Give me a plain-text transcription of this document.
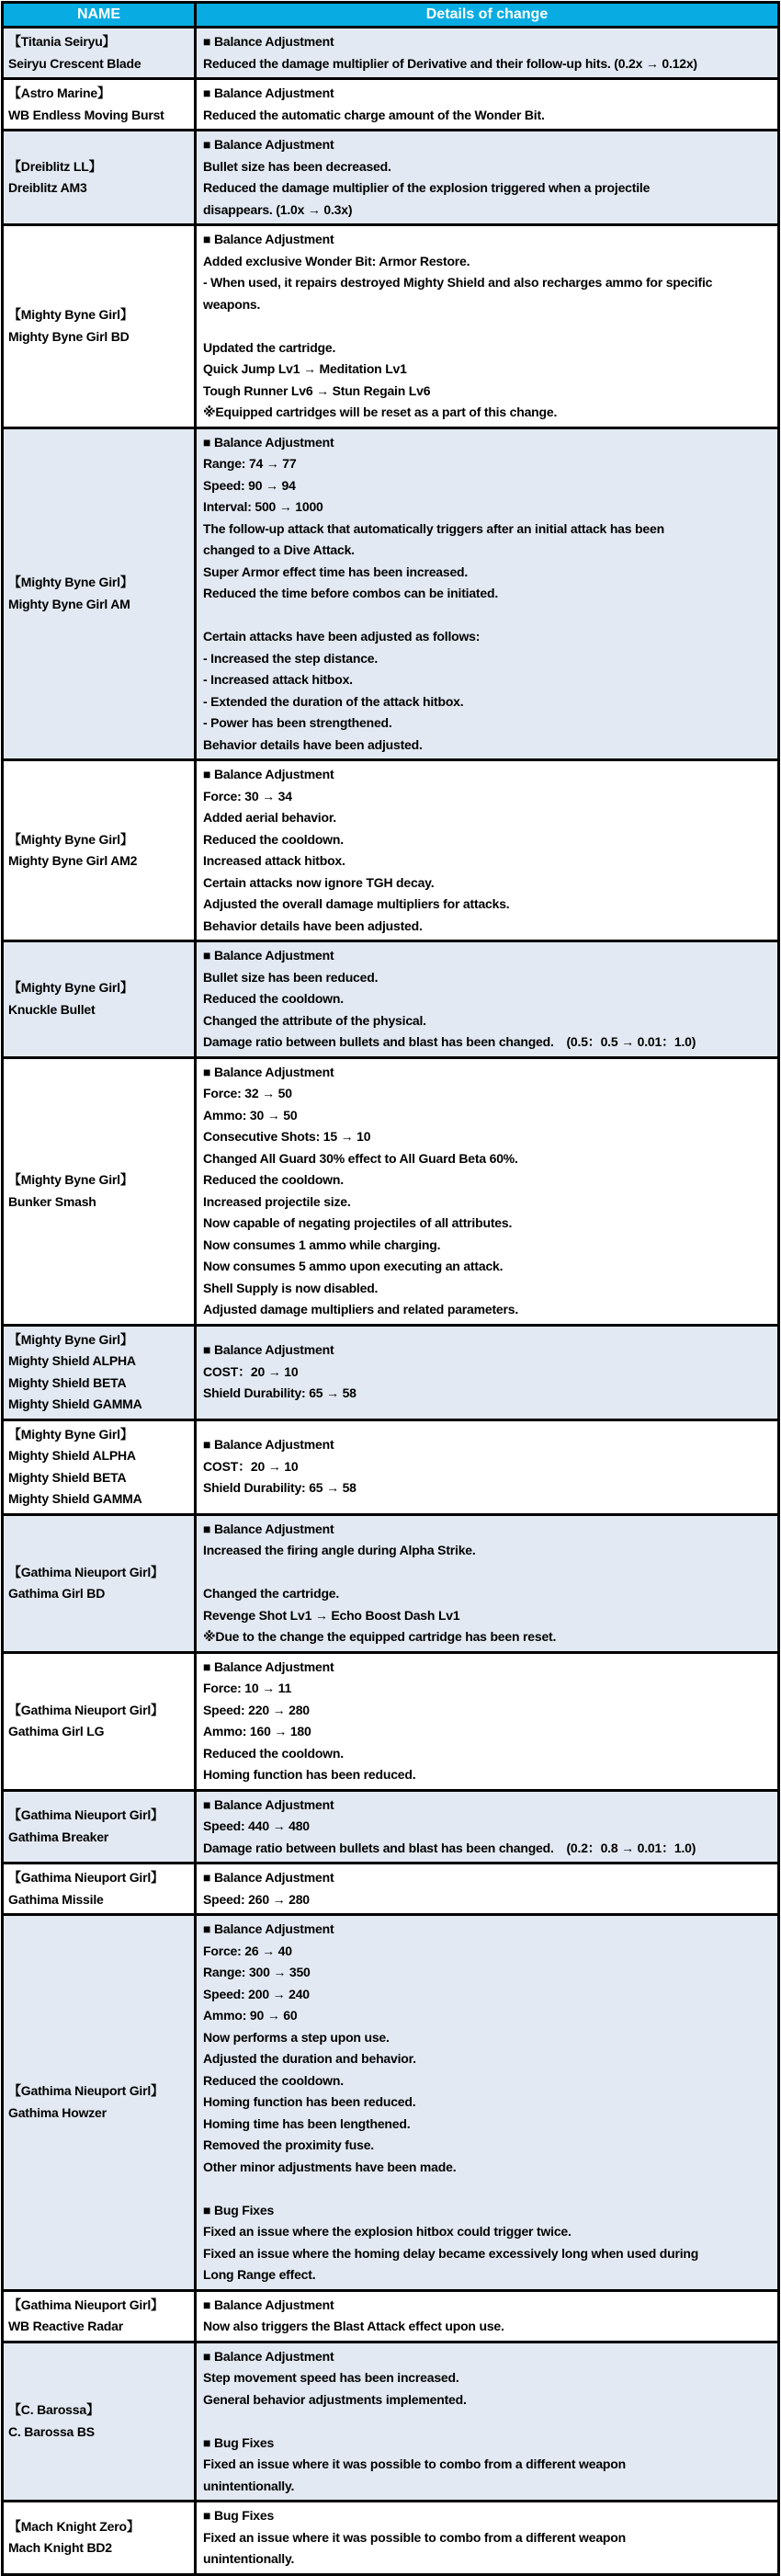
NAME	Details of change
【Titania Seiryu】
Seiryu Crescent Blade
■ Balance Adjustment
Reduced the damage multiplier of Derivative and their follow-up hits. (0.2x → 0.12x)
【Astro Marine】
WB Endless Moving Burst
■ Balance Adjustment
Reduced the automatic charge amount of the Wonder Bit.
【Dreiblitz LL】
Dreiblitz AM3
■ Balance Adjustment
Bullet size has been decreased.
Reduced the damage multiplier of the explosion triggered when a projectile
disappears. (1.0x → 0.3x)
【Mighty Byne Girl】
Mighty Byne Girl BD
■ Balance Adjustment
Added exclusive Wonder Bit: Armor Restore.
- When used, it repairs destroyed Mighty Shield and also recharges ammo for specific
weapons.

Updated the cartridge.
Quick Jump Lv1 → Meditation Lv1
Tough Runner Lv6 → Stun Regain Lv6
※Equipped cartridges will be reset as a part of this change.
【Mighty Byne Girl】
Mighty Byne Girl AM
■ Balance Adjustment
Range: 74 → 77
Speed: 90 → 94
Interval: 500 → 1000
The follow-up attack that automatically triggers after an initial attack has been
changed to a Dive Attack.
Super Armor effect time has been increased.
Reduced the time before combos can be initiated.

Certain attacks have been adjusted as follows:
- Increased the step distance.
- Increased attack hitbox.
- Extended the duration of the attack hitbox.
- Power has been strengthened.
Behavior details have been adjusted.
【Mighty Byne Girl】
Mighty Byne Girl AM2
■ Balance Adjustment
Force: 30 → 34
Added aerial behavior.
Reduced the cooldown.
Increased attack hitbox.
Certain attacks now ignore TGH decay.
Adjusted the overall damage multipliers for attacks.
Behavior details have been adjusted.
【Mighty Byne Girl】
Knuckle Bullet
■ Balance Adjustment
Bullet size has been reduced.
Reduced the cooldown.
Changed the attribute of the physical.
Damage ratio between bullets and blast has been changed.　(0.5：0.5 → 0.01：1.0)
【Mighty Byne Girl】
Bunker Smash
■ Balance Adjustment
Force: 32 → 50
Ammo: 30 → 50
Consecutive Shots: 15 → 10
Changed All Guard 30% effect to All Guard Beta 60%.
Reduced the cooldown.
Increased projectile size.
Now capable of negating projectiles of all attributes.
Now consumes 1 ammo while charging.
Now consumes 5 ammo upon executing an attack.
Shell Supply is now disabled.
Adjusted damage multipliers and related parameters.
【Mighty Byne Girl】
Mighty Shield ALPHA
Mighty Shield BETA
Mighty Shield GAMMA
■ Balance Adjustment
COST：20 → 10
Shield Durability: 65 → 58
【Mighty Byne Girl】
Mighty Shield ALPHA
Mighty Shield BETA
Mighty Shield GAMMA
■ Balance Adjustment
COST：20 → 10
Shield Durability: 65 → 58
【Gathima Nieuport Girl】
Gathima Girl BD
■ Balance Adjustment
Increased the firing angle during Alpha Strike.

Changed the cartridge.
Revenge Shot Lv1 → Echo Boost Dash Lv1
※Due to the change the equipped cartridge has been reset.
【Gathima Nieuport Girl】
Gathima Girl LG
■ Balance Adjustment
Force: 10 → 11
Speed: 220 → 280
Ammo: 160 → 180
Reduced the cooldown.
Homing function has been reduced.
【Gathima Nieuport Girl】
Gathima Breaker
■ Balance Adjustment
Speed: 440 → 480
Damage ratio between bullets and blast has been changed.　(0.2：0.8 → 0.01：1.0)
【Gathima Nieuport Girl】
Gathima Missile
■ Balance Adjustment
Speed: 260 → 280
【Gathima Nieuport Girl】
Gathima Howzer
■ Balance Adjustment
Force: 26 → 40
Range: 300 → 350
Speed: 200 → 240
Ammo: 90 → 60
Now performs a step upon use.
Adjusted the duration and behavior.
Reduced the cooldown.
Homing function has been reduced.
Homing time has been lengthened.
Removed the proximity fuse.
Other minor adjustments have been made.

■ Bug Fixes
Fixed an issue where the explosion hitbox could trigger twice.
Fixed an issue where the homing delay became excessively long when used during
Long Range effect.
【Gathima Nieuport Girl】
WB Reactive Radar
■ Balance Adjustment
Now also triggers the Blast Attack effect upon use.
【C. Barossa】
C. Barossa BS
■ Balance Adjustment
Step movement speed has been increased.
General behavior adjustments implemented.

■ Bug Fixes
Fixed an issue where it was possible to combo from a different weapon
unintentionally.
【Mach Knight Zero】
Mach Knight BD2
■ Bug Fixes
Fixed an issue where it was possible to combo from a different weapon
unintentionally.
